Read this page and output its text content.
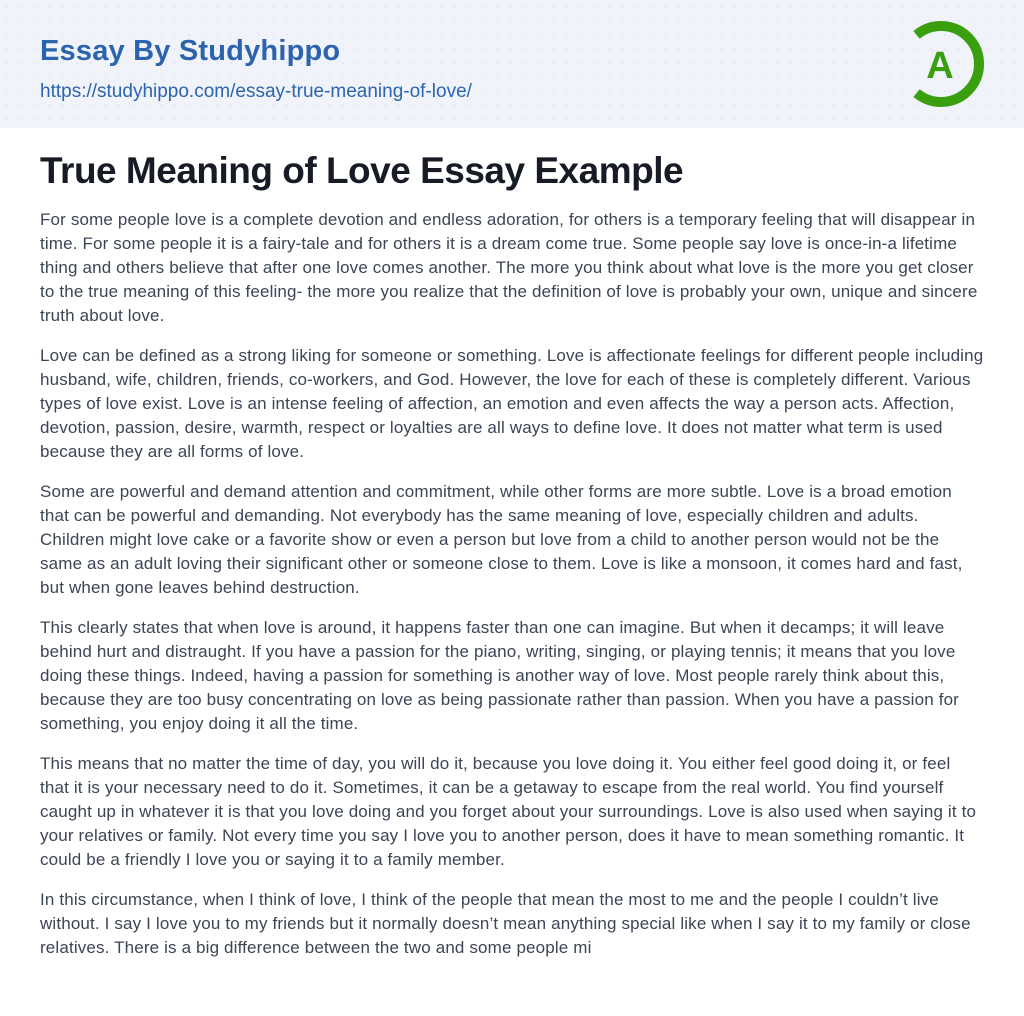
Essay By Studyhippo
https://studyhippo.com/essay-true-meaning-of-love/
A
True Meaning of Love Essay Example

For some people love is a complete devotion and endless adoration, for others is a temporary feeling that will disappear in time. For some people it is a fairy-tale and for others it is a dream come true. Some people say love is once-in-a lifetime thing and others believe that after one love comes another. The more you think about what love is the more you get closer to the true meaning of this feeling- the more you realize that the definition of love is probably your own, unique and sincere truth about love.

Love can be defined as a strong liking for someone or something. Love is affectionate feelings for different people including husband, wife, children, friends, co-workers, and God. However, the love for each of these is completely different. Various types of love exist. Love is an intense feeling of affection, an emotion and even affects the way a person acts. Affection, devotion, passion, desire, warmth, respect or loyalties are all ways to define love. It does not matter what term is used because they are all forms of love.

Some are powerful and demand attention and commitment, while other forms are more subtle. Love is a broad emotion that can be powerful and demanding. Not everybody has the same meaning of love, especially children and adults. Children might love cake or a favorite show or even a person but love from a child to another person would not be the same as an adult loving their significant other or someone close to them. Love is like a monsoon, it comes hard and fast, but when gone leaves behind destruction.

This clearly states that when love is around, it happens faster than one can imagine. But when it decamps; it will leave behind hurt and distraught. If you have a passion for the piano, writing, singing, or playing tennis; it means that you love doing these things. Indeed, having a passion for something is another way of love. Most people rarely think about this, because they are too busy concentrating on love as being passionate rather than passion. When you have a passion for something, you enjoy doing it all the time.

This means that no matter the time of day, you will do it, because you love doing it. You either feel good doing it, or feel that it is your necessary need to do it. Sometimes, it can be a getaway to escape from the real world. You find yourself caught up in whatever it is that you love doing and you forget about your surroundings. Love is also used when saying it to your relatives or family. Not every time you say I love you to another person, does it have to mean something romantic. It could be a friendly I love you or saying it to a family member.

In this circumstance, when I think of love, I think of the people that mean the most to me and the people I couldn’t live without. I say I love you to my friends but it normally doesn’t mean anything special like when I say it to my family or close relatives. There is a big difference between the two and some people mi
